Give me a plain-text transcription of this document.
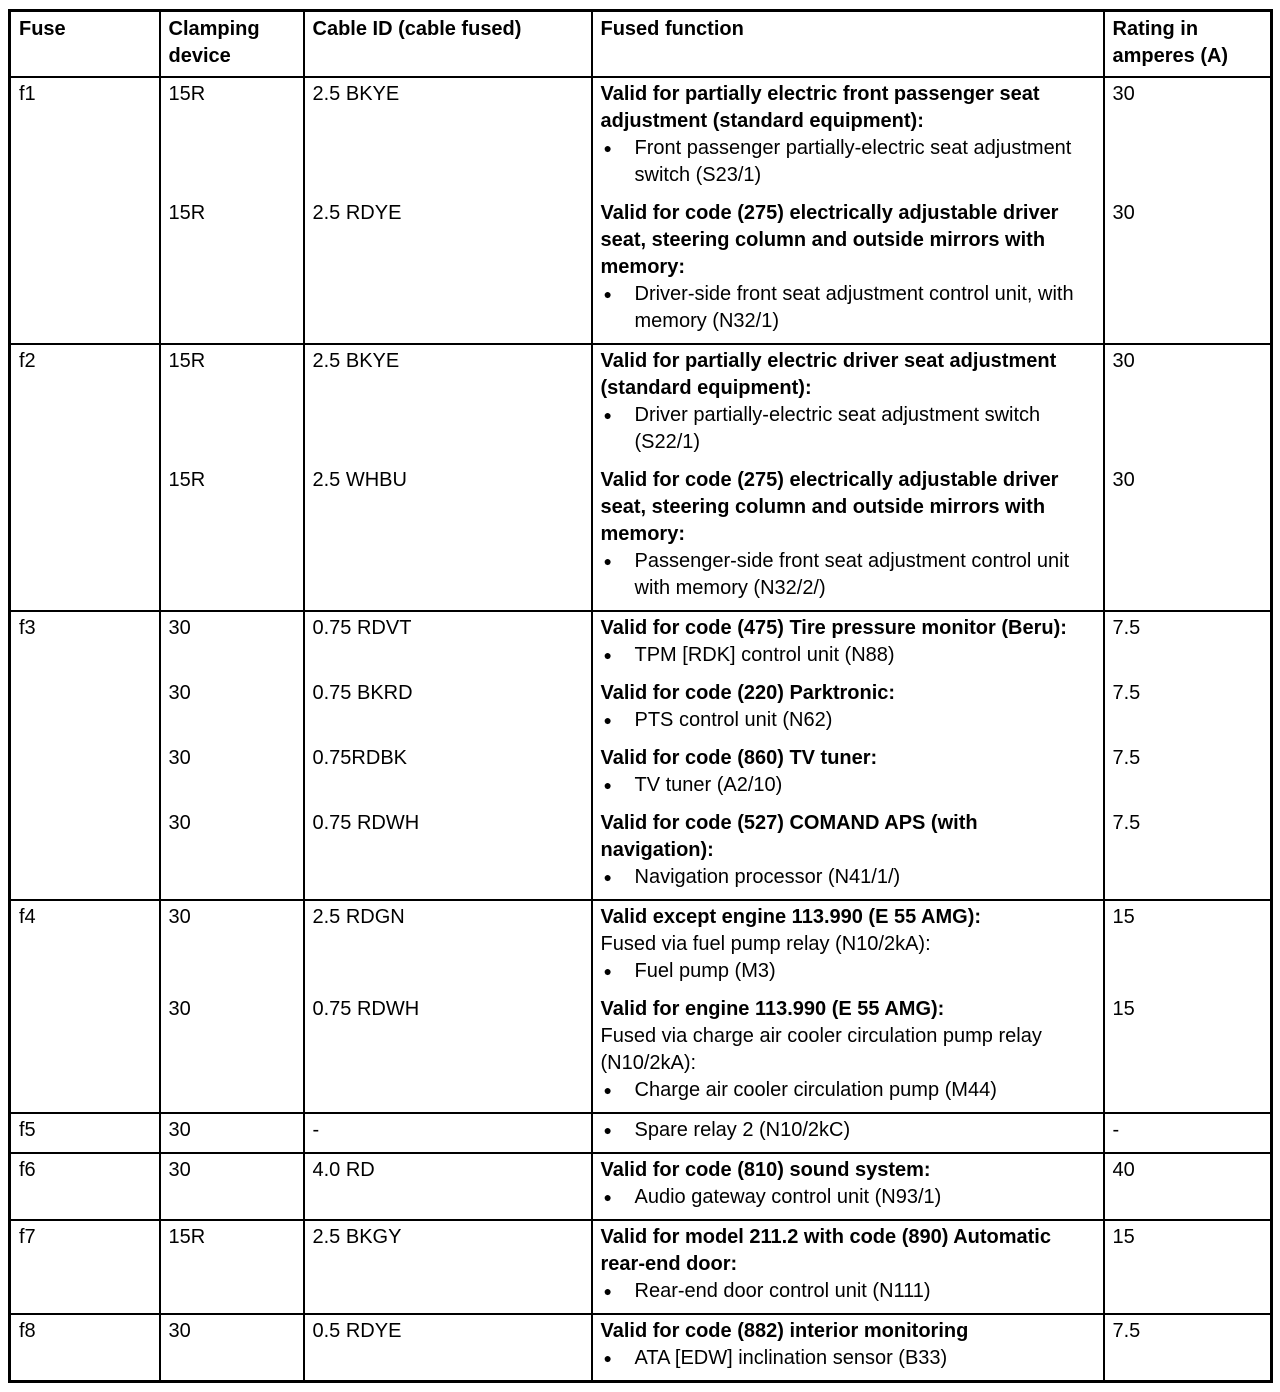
Fuse	Clamping device	Cable ID (cable fused)	Fused function	Rating in amperes (A)
f1	15R	2.5 BKYE	Valid for partially electric front passenger seat adjustment (standard equipment):
● Front passenger partially-electric seat adjustment switch (S23/1)	30
	15R	2.5 RDYE	Valid for code (275) electrically adjustable driver seat, steering column and outside mirrors with memory:
● Driver-side front seat adjustment control unit, with memory (N32/1)	30
f2	15R	2.5 BKYE	Valid for partially electric driver seat adjustment (standard equipment):
● Driver partially-electric seat adjustment switch (S22/1)	30
	15R	2.5 WHBU	Valid for code (275) electrically adjustable driver seat, steering column and outside mirrors with memory:
● Passenger-side front seat adjustment control unit with memory (N32/2/)	30
f3	30	0.75 RDVT	Valid for code (475) Tire pressure monitor (Beru):
● TPM [RDK] control unit (N88)	7.5
	30	0.75 BKRD	Valid for code (220) Parktronic:
● PTS control unit (N62)	7.5
	30	0.75RDBK	Valid for code (860) TV tuner:
● TV tuner (A2/10)	7.5
	30	0.75 RDWH	Valid for code (527) COMAND APS (with navigation):
● Navigation processor (N41/1/)	7.5
f4	30	2.5 RDGN	Valid except engine 113.990 (E 55 AMG):
Fused via fuel pump relay (N10/2kA):
● Fuel pump (M3)	15
	30	0.75 RDWH	Valid for engine 113.990 (E 55 AMG):
Fused via charge air cooler circulation pump relay (N10/2kA):
● Charge air cooler circulation pump (M44)	15
f5	30	-	● Spare relay 2 (N10/2kC)	-
f6	30	4.0 RD	Valid for code (810) sound system:
● Audio gateway control unit (N93/1)	40
f7	15R	2.5 BKGY	Valid for model 211.2 with code (890) Automatic rear-end door:
● Rear-end door control unit (N111)	15
f8	30	0.5 RDYE	Valid for code (882) interior monitoring
● ATA [EDW] inclination sensor (B33)	7.5
